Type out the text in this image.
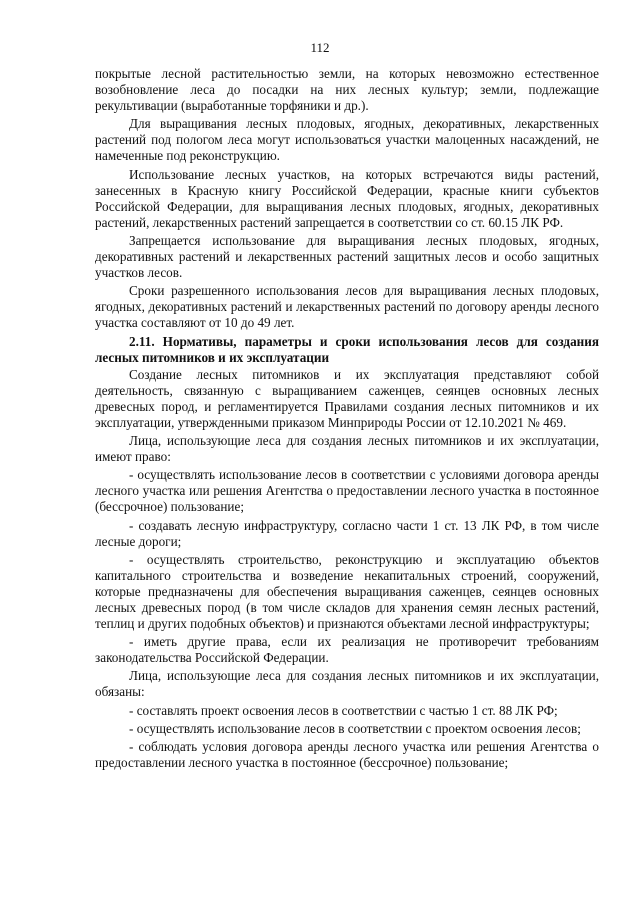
112

покрытые лесной растительностью земли, на которых невозможно естественное возобновление леса до посадки на них лесных культур; земли, подлежащие рекультивации (выработанные торфяники и др.).

Для выращивания лесных плодовых, ягодных, декоративных, лекарственных растений под пологом леса могут использоваться участки малоценных насаждений, не намеченные под реконструкцию.

Использование лесных участков, на которых встречаются виды растений, занесенных в Красную книгу Российской Федерации, красные книги субъектов Российской Федерации, для выращивания лесных плодовых, ягодных, декоративных растений, лекарственных растений запрещается в соответствии со ст. 60.15 ЛК РФ.

Запрещается использование для выращивания лесных плодовых, ягодных, декоративных растений и лекарственных растений защитных лесов и особо защитных участков лесов.

Сроки разрешенного использования лесов для выращивания лесных плодовых, ягодных, декоративных растений и лекарственных растений по договору аренды лесного участка составляют от 10 до 49 лет.

2.11. Нормативы, параметры и сроки использования лесов для создания лесных питомников и их эксплуатации

Создание лесных питомников и их эксплуатация представляют собой деятельность, связанную с выращиванием саженцев, сеянцев основных лесных древесных пород, и регламентируется Правилами создания лесных питомников и их эксплуатации, утвержденными приказом Минприроды России от 12.10.2021 № 469.

Лица, использующие леса для создания лесных питомников и их эксплуатации, имеют право:

- осуществлять использование лесов в соответствии с условиями договора аренды лесного участка или решения Агентства о предоставлении лесного участка в постоянное (бессрочное) пользование;

- создавать лесную инфраструктуру, согласно части 1 ст. 13 ЛК РФ, в том числе лесные дороги;

- осуществлять строительство, реконструкцию и эксплуатацию объектов капитального строительства и возведение некапитальных строений, сооружений, которые предназначены для обеспечения выращивания саженцев, сеянцев основных лесных древесных пород (в том числе складов для хранения семян лесных растений, теплиц и других подобных объектов) и признаются объектами лесной инфраструктуры;

- иметь другие права, если их реализация не противоречит требованиям законодательства Российской Федерации.

Лица, использующие леса для создания лесных питомников и их эксплуатации, обязаны:

- составлять проект освоения лесов в соответствии с частью 1 ст. 88 ЛК РФ;

- осуществлять использование лесов в соответствии с проектом освоения лесов;

- соблюдать условия договора аренды лесного участка или решения Агентства о предоставлении лесного участка в постоянное (бессрочное) пользование;
